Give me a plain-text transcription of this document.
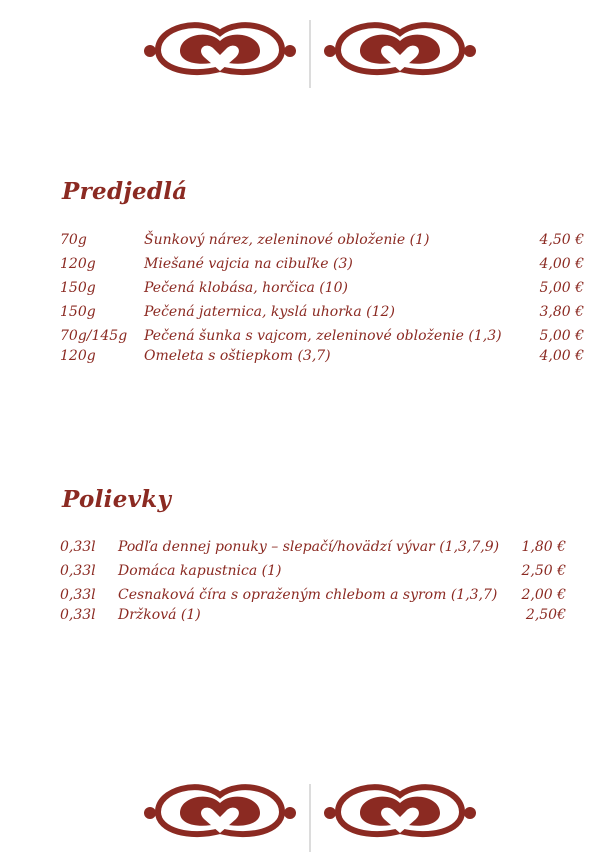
Predjedlá
70g	Šunkový nárez, zeleninové obloženie (1)	4,50 €
120g	Miešané vajcia na cibuľke (3)	4,00 €
150g	Pečená klobása, horčica (10)	5,00 €
150g	Pečená jaternica, kyslá uhorka (12)	3,80 €
70g/145g Pečená šunka s vajcom, zeleninové obloženie (1,3)	5,00 €
120g	Omeleta s oštiepkom (3,7)	4,00 €
Polievky
0,33l Podľa dennej ponuky – slepačí/hovädzí vývar (1,3,7,9) 1,80 €
0,33l Domáca kapustnica (1)	2,50 €
0,33l Cesnaková číra s opraženým chlebom a syrom (1,3,7) 2,00 €
0,33l Držková (1)	2,50€
